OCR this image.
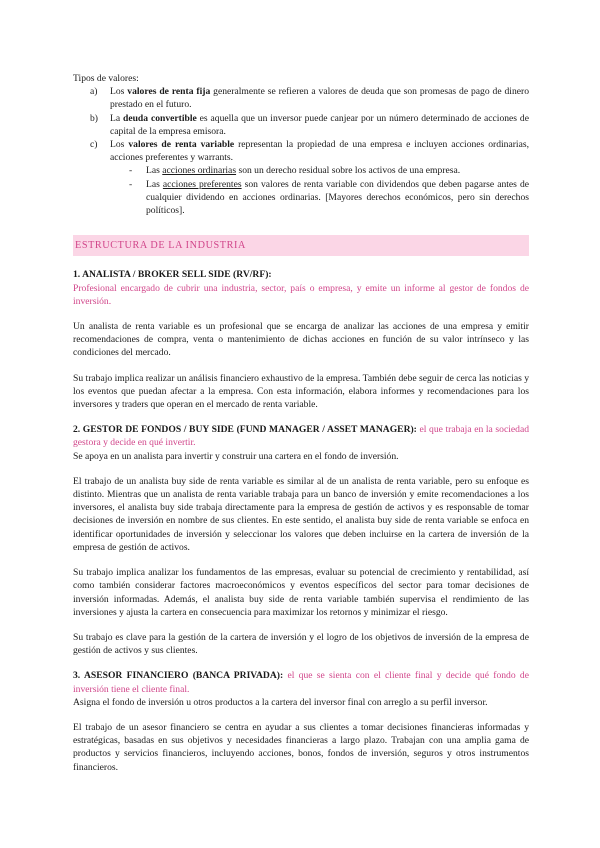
Tipos de valores:

a) Los valores de renta fija generalmente se refieren a valores de deuda que son promesas de pago de dinero prestado en el futuro.
b) La deuda convertible es aquella que un inversor puede canjear por un número determinado de acciones de capital de la empresa emisora.
c) Los valores de renta variable representan la propiedad de una empresa e incluyen acciones ordinarias, acciones preferentes y warrants.
- Las acciones ordinarias son un derecho residual sobre los activos de una empresa.
- Las acciones preferentes son valores de renta variable con dividendos que deben pagarse antes de cualquier dividendo en acciones ordinarias. [Mayores derechos económicos, pero sin derechos políticos].
ESTRUCTURA DE LA INDUSTRIA

1. ANALISTA / BROKER SELL SIDE (RV/RF):

Profesional encargado de cubrir una industria, sector, país o empresa, y emite un informe al gestor de fondos de inversión.

Un analista de renta variable es un profesional que se encarga de analizar las acciones de una empresa y emitir recomendaciones de compra, venta o mantenimiento de dichas acciones en función de su valor intrínseco y las condiciones del mercado.

Su trabajo implica realizar un análisis financiero exhaustivo de la empresa. También debe seguir de cerca las noticias y los eventos que puedan afectar a la empresa. Con esta información, elabora informes y recomendaciones para los inversores y traders que operan en el mercado de renta variable.

2. GESTOR DE FONDOS / BUY SIDE (FUND MANAGER / ASSET MANAGER): el que trabaja en la sociedad gestora y decide en qué invertir.

Se apoya en un analista para invertir y construir una cartera en el fondo de inversión.

El trabajo de un analista buy side de renta variable es similar al de un analista de renta variable, pero su enfoque es distinto. Mientras que un analista de renta variable trabaja para un banco de inversión y emite recomendaciones a los inversores, el analista buy side trabaja directamente para la empresa de gestión de activos y es responsable de tomar decisiones de inversión en nombre de sus clientes. En este sentido, el analista buy side de renta variable se enfoca en identificar oportunidades de inversión y seleccionar los valores que deben incluirse en la cartera de inversión de la empresa de gestión de activos.

Su trabajo implica analizar los fundamentos de las empresas, evaluar su potencial de crecimiento y rentabilidad, así como también considerar factores macroeconómicos y eventos específicos del sector para tomar decisiones de inversión informadas. Además, el analista buy side de renta variable también supervisa el rendimiento de las inversiones y ajusta la cartera en consecuencia para maximizar los retornos y minimizar el riesgo.

Su trabajo es clave para la gestión de la cartera de inversión y el logro de los objetivos de inversión de la empresa de gestión de activos y sus clientes.

3. ASESOR FINANCIERO (BANCA PRIVADA): el que se sienta con el cliente final y decide qué fondo de inversión tiene el cliente final.

Asigna el fondo de inversión u otros productos a la cartera del inversor final con arreglo a su perfil inversor.

El trabajo de un asesor financiero se centra en ayudar a sus clientes a tomar decisiones financieras informadas y estratégicas, basadas en sus objetivos y necesidades financieras a largo plazo. Trabajan con una amplia gama de productos y servicios financieros, incluyendo acciones, bonos, fondos de inversión, seguros y otros instrumentos financieros.
